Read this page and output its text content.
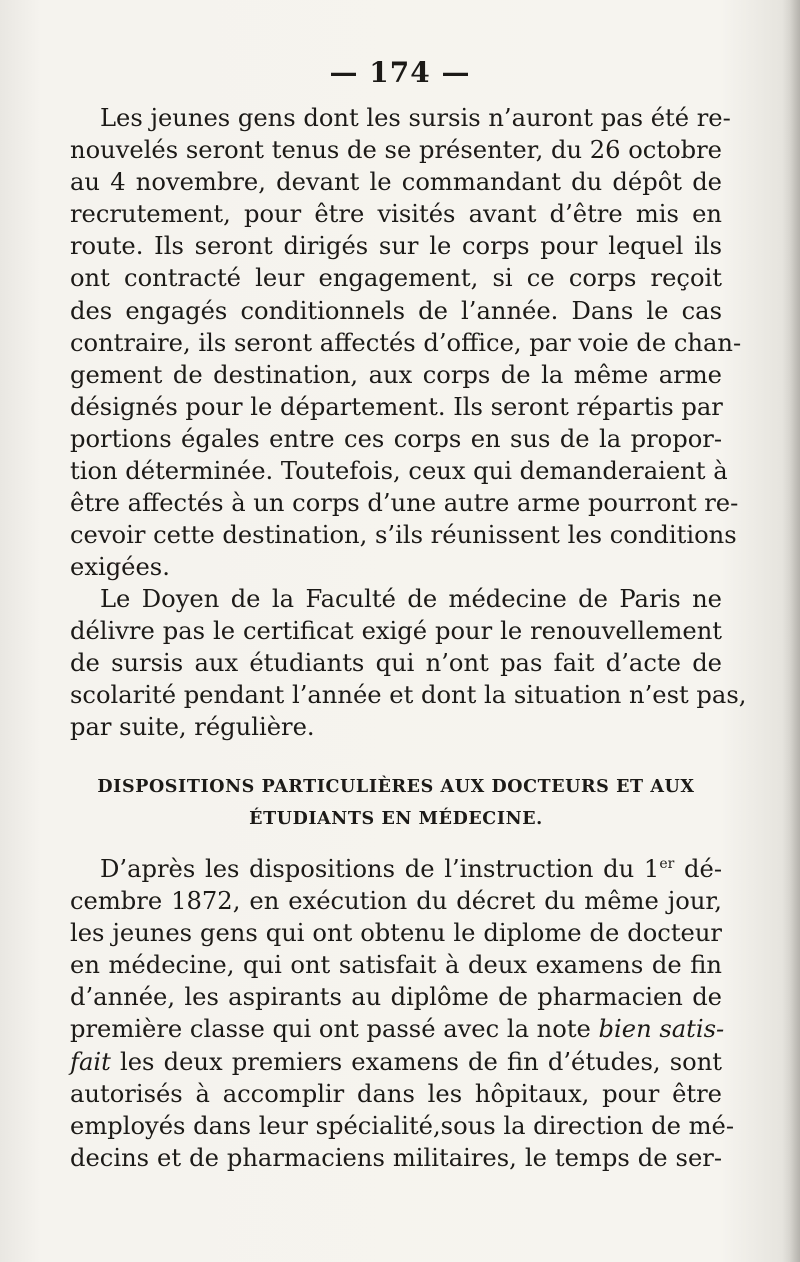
— 174 —
Les jeunes gens dont les sursis n’auront pas été re-
nouvelés seront tenus de se présenter, du 26 octobre
au 4 novembre, devant le commandant du dépôt de
recrutement, pour être visités avant d’être mis en
route. Ils seront dirigés sur le corps pour lequel ils
ont contracté leur engagement, si ce corps reçoit
des engagés conditionnels de l’année. Dans le cas
contraire, ils seront affectés d’office, par voie de chan-
gement de destination, aux corps de la même arme
désignés pour le département. Ils seront répartis par
portions égales entre ces corps en sus de la propor-
tion déterminée. Toutefois, ceux qui demanderaient à
être affectés à un corps d’une autre arme pourront re-
cevoir cette destination, s’ils réunissent les conditions
exigées.
Le Doyen de la Faculté de médecine de Paris ne
délivre pas le certificat exigé pour le renouvellement
de sursis aux étudiants qui n’ont pas fait d’acte de
scolarité pendant l’année et dont la situation n’est pas,
par suite, régulière.
DISPOSITIONS PARTICULIÈRES AUX DOCTEURS ET AUX
ÉTUDIANTS EN MÉDECINE.
D’après les dispositions de l’instruction du 1er dé-
cembre 1872, en exécution du décret du même jour,
les jeunes gens qui ont obtenu le diplome de docteur
en médecine, qui ont satisfait à deux examens de fin
d’année, les aspirants au diplôme de pharmacien de
première classe qui ont passé avec la note bien satis-
fait les deux premiers examens de fin d’études, sont
autorisés à accomplir dans les hôpitaux, pour être
employés dans leur spécialité,sous la direction de mé-
decins et de pharmaciens militaires, le temps de ser-
